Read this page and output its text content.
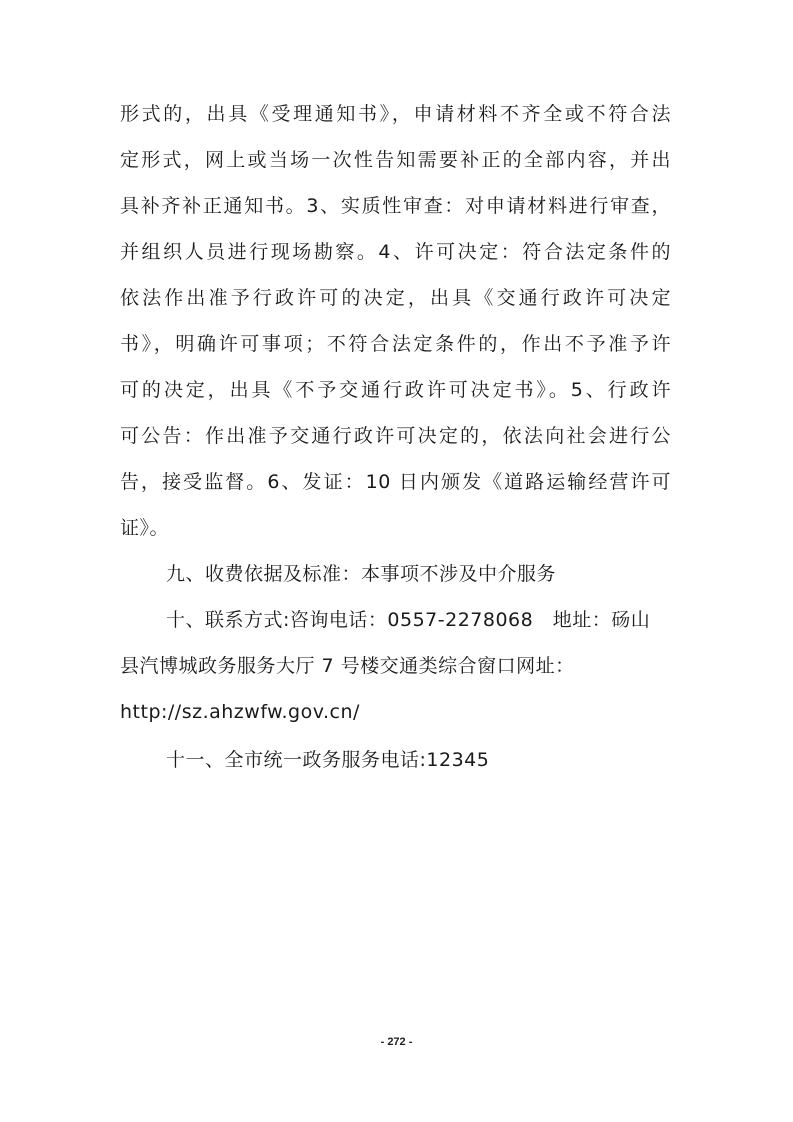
形式的，出具《受理通知书》，申请材料不齐全或不符合法
定形式，网上或当场一次性告知需要补正的全部内容，并出
具补齐补正通知书。3、实质性审查：对申请材料进行审查，
并组织人员进行现场勘察。4、许可决定：符合法定条件的
依法作出准予行政许可的决定，出具《交通行政许可决定
书》，明确许可事项；不符合法定条件的，作出不予准予许
可的决定，出具《不予交通行政许可决定书》。5、行政许
可公告：作出准予交通行政许可决定的，依法向社会进行公
告，接受监督。6、发证：10 日内颁发《道路运输经营许可
证》。
九、收费依据及标准：本事项不涉及中介服务
十、联系方式:咨询电话：0557-2278068　地址：砀山
县汽博城政务服务大厅 7 号楼交通类综合窗口网址：
http://sz.ahzwfw.gov.cn/
十一、全市统一政务服务电话:12345
- 272 -
